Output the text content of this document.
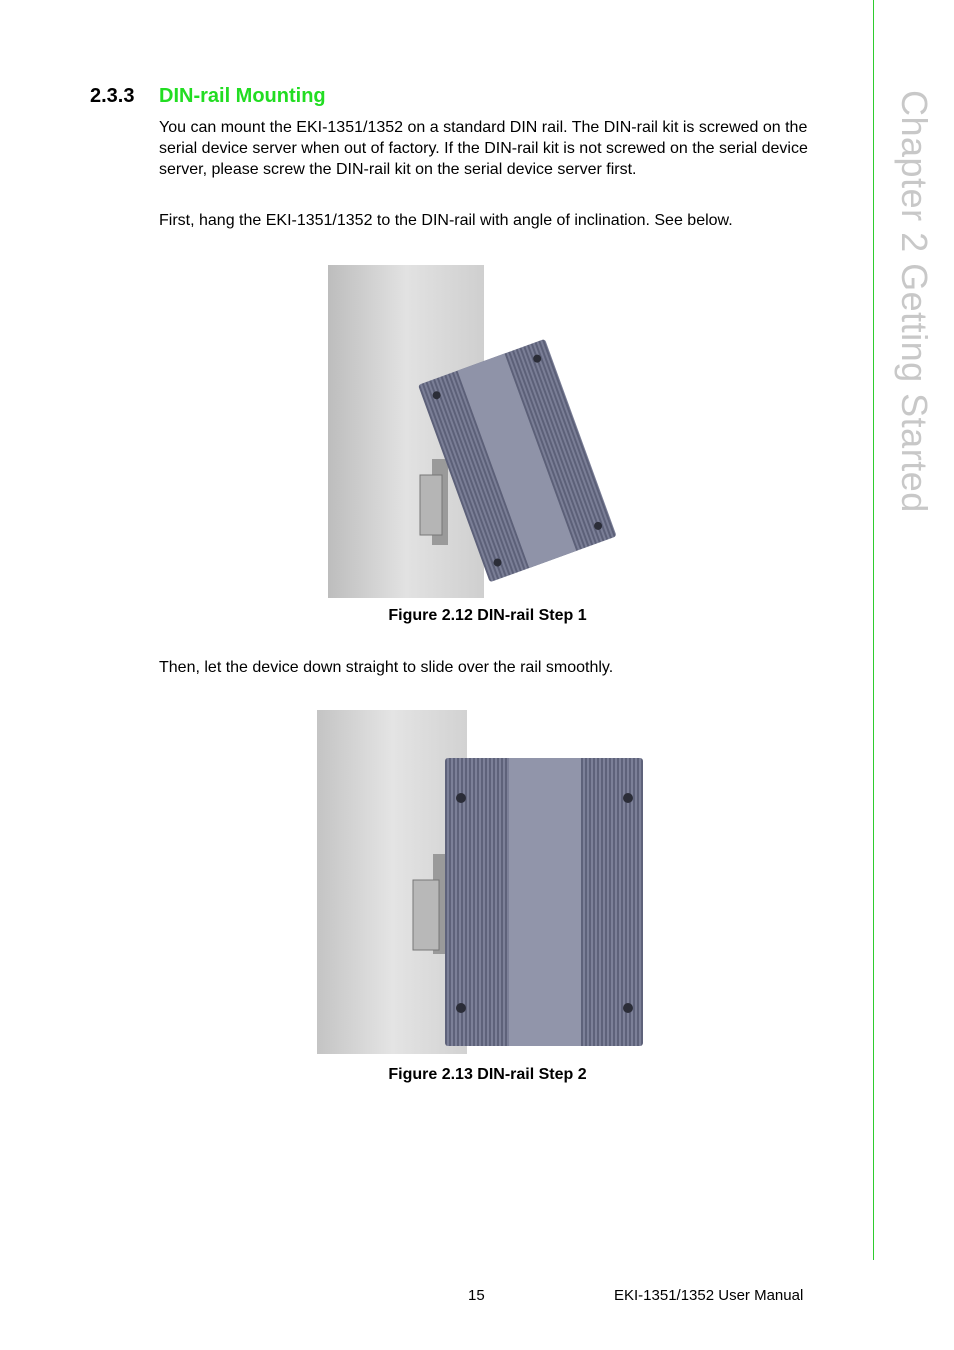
Chapter 2 Getting Started
2.3.3 DIN-rail Mounting

You can mount the EKI-1351/1352 on a standard DIN rail. The DIN-rail kit is screwed on the serial device server when out of factory. If the DIN-rail kit is not screwed on the serial device server, please screw the DIN-rail kit on the serial device server first.

First, hang the EKI-1351/1352 to the DIN-rail with angle of inclination. See below.

Figure 2.12 DIN-rail Step 1

Then, let the device down straight to slide over the rail smoothly.

Figure 2.13 DIN-rail Step 2
15	EKI-1351/1352 User Manual
